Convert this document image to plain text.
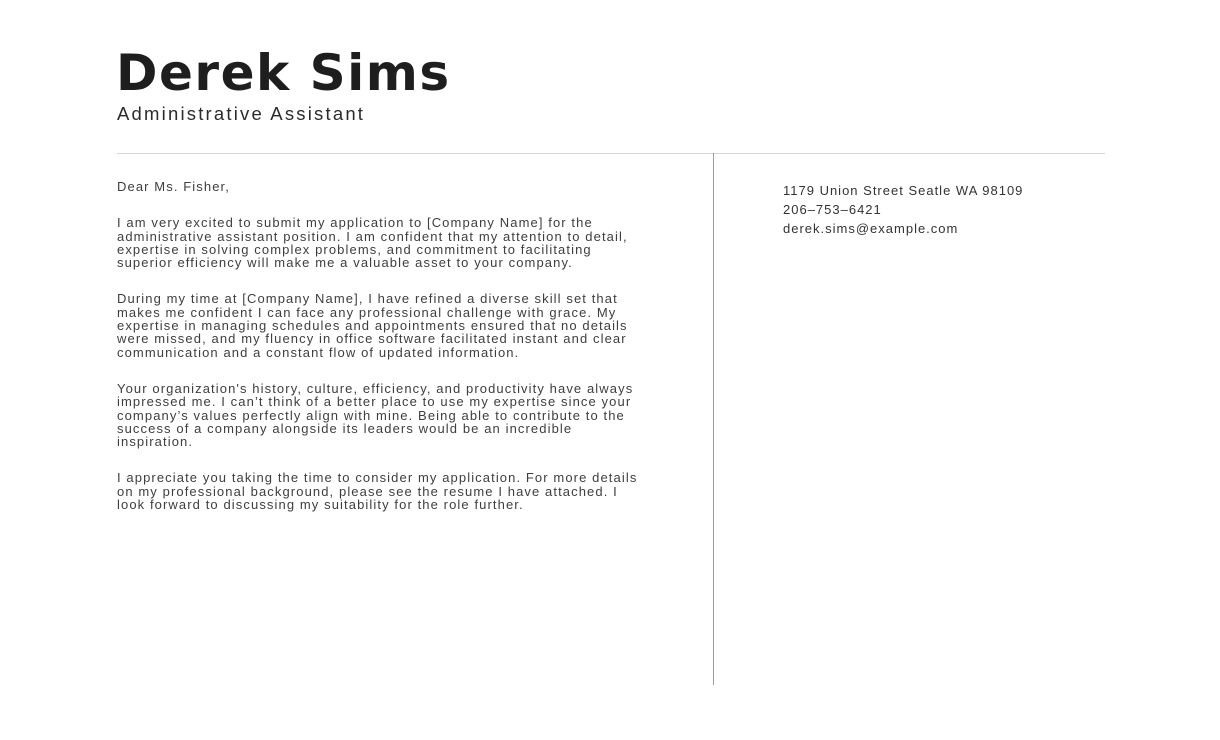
Derek Sims
Administrative Assistant

Dear Ms. Fisher,

I am very excited to submit my application to [Company Name] for the administrative assistant position. I am confident that my attention to detail, expertise in solving complex problems, and commitment to facilitating superior efficiency will make me a valuable asset to your company.

During my time at [Company Name], I have refined a diverse skill set that makes me confident I can face any professional challenge with grace. My expertise in managing schedules and appointments ensured that no details were missed, and my fluency in office software facilitated instant and clear communication and a constant flow of updated information.

Your organization's history, culture, efficiency, and productivity have always impressed me. I can’t think of a better place to use my expertise since your company’s values perfectly align with mine. Being able to contribute to the success of a company alongside its leaders would be an incredible inspiration.

I appreciate you taking the time to consider my application. For more details on my professional background, please see the resume I have attached. I look forward to discussing my suitability for the role further.

1179 Union Street Seatle WA 98109
206–753–6421
derek.sims@example.com
